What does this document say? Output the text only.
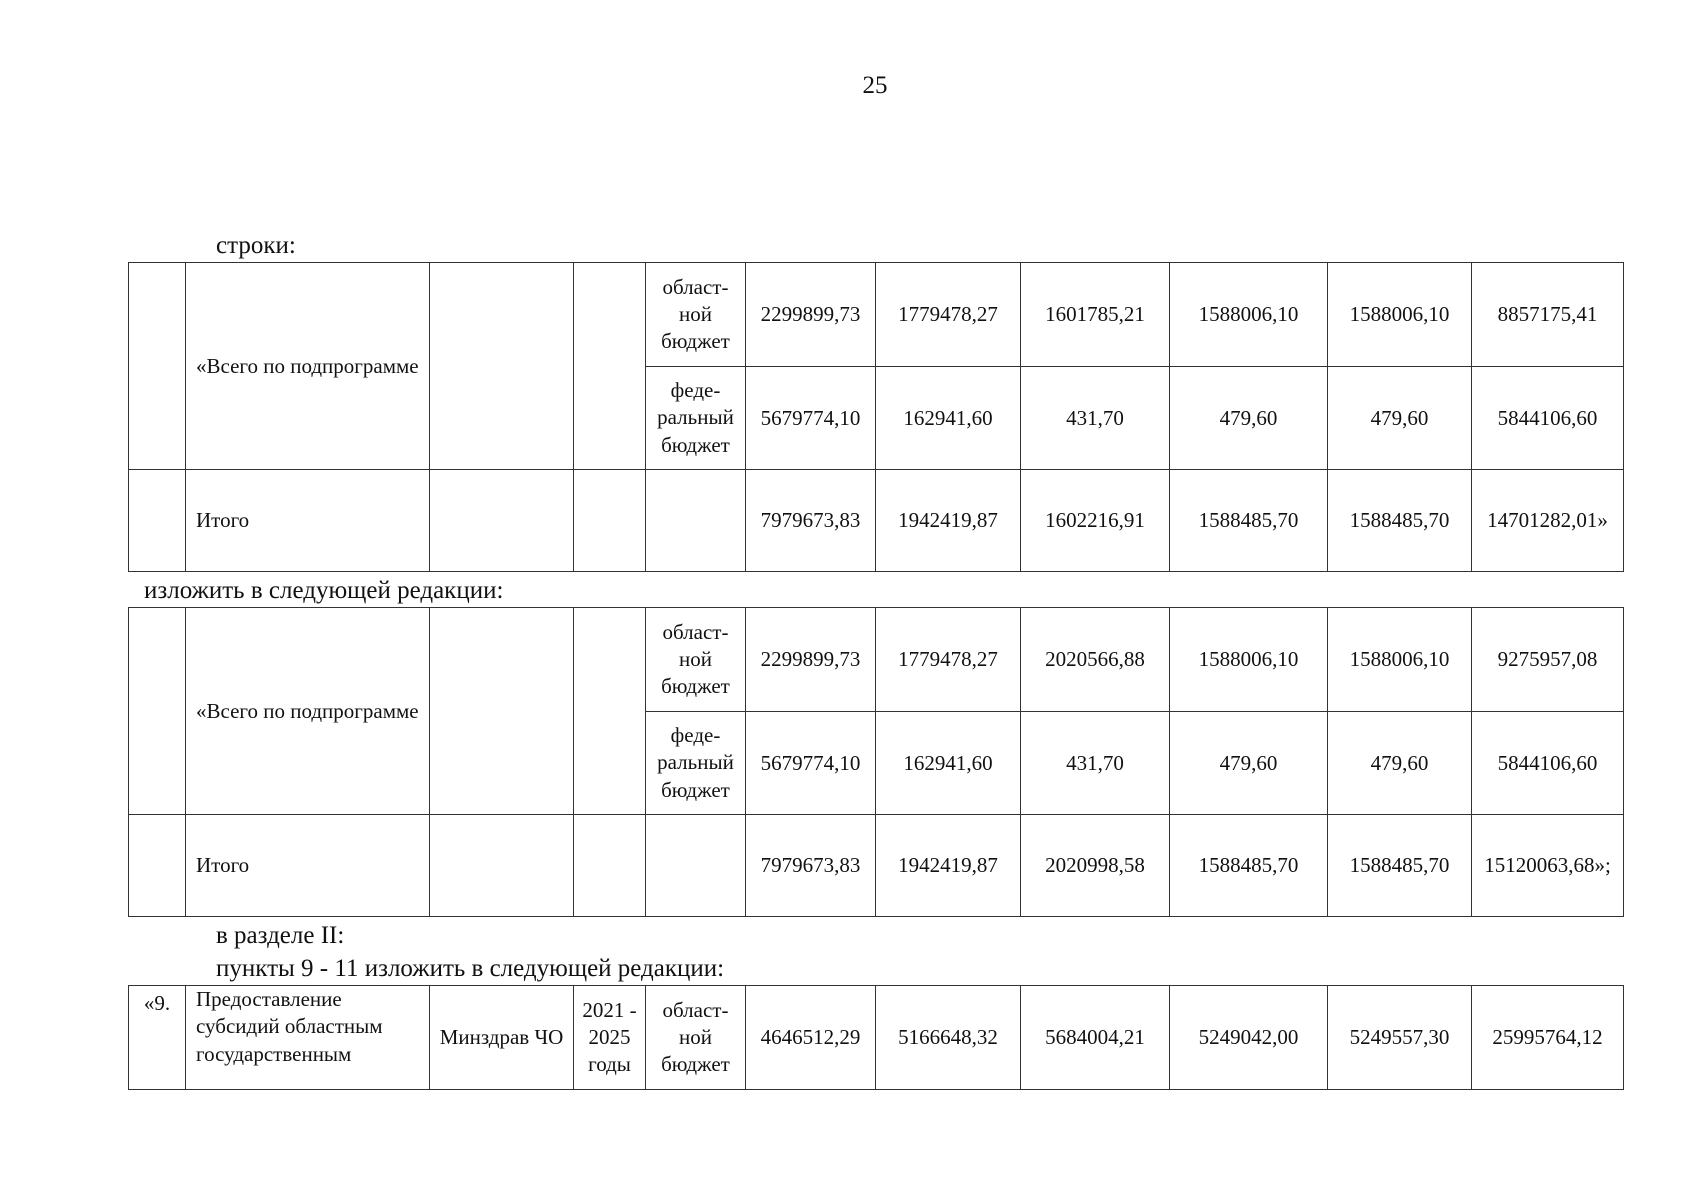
25
строки:
	«Всего по подпрограмме			област- ной бюджет	2299899,73	1779478,27	1601785,21	1588006,10	1588006,10	8857175,41
				феде- ральный бюджет	5679774,10	162941,60	431,70	479,60	479,60	5844106,60
	Итого				7979673,83	1942419,87	1602216,91	1588485,70	1588485,70	14701282,01»
изложить в следующей редакции:
	«Всего по подпрограмме			област- ной бюджет	2299899,73	1779478,27	2020566,88	1588006,10	1588006,10	9275957,08
				феде- ральный бюджет	5679774,10	162941,60	431,70	479,60	479,60	5844106,60
	Итого				7979673,83	1942419,87	2020998,58	1588485,70	1588485,70	15120063,68»;
в разделе II:
пункты 9 - 11 изложить в следующей редакции:
«9.	Предоставление субсидий областным государственным	Минздрав ЧО	2021 - 2025 годы	област- ной бюджет	4646512,29	5166648,32	5684004,21	5249042,00	5249557,30	25995764,12
